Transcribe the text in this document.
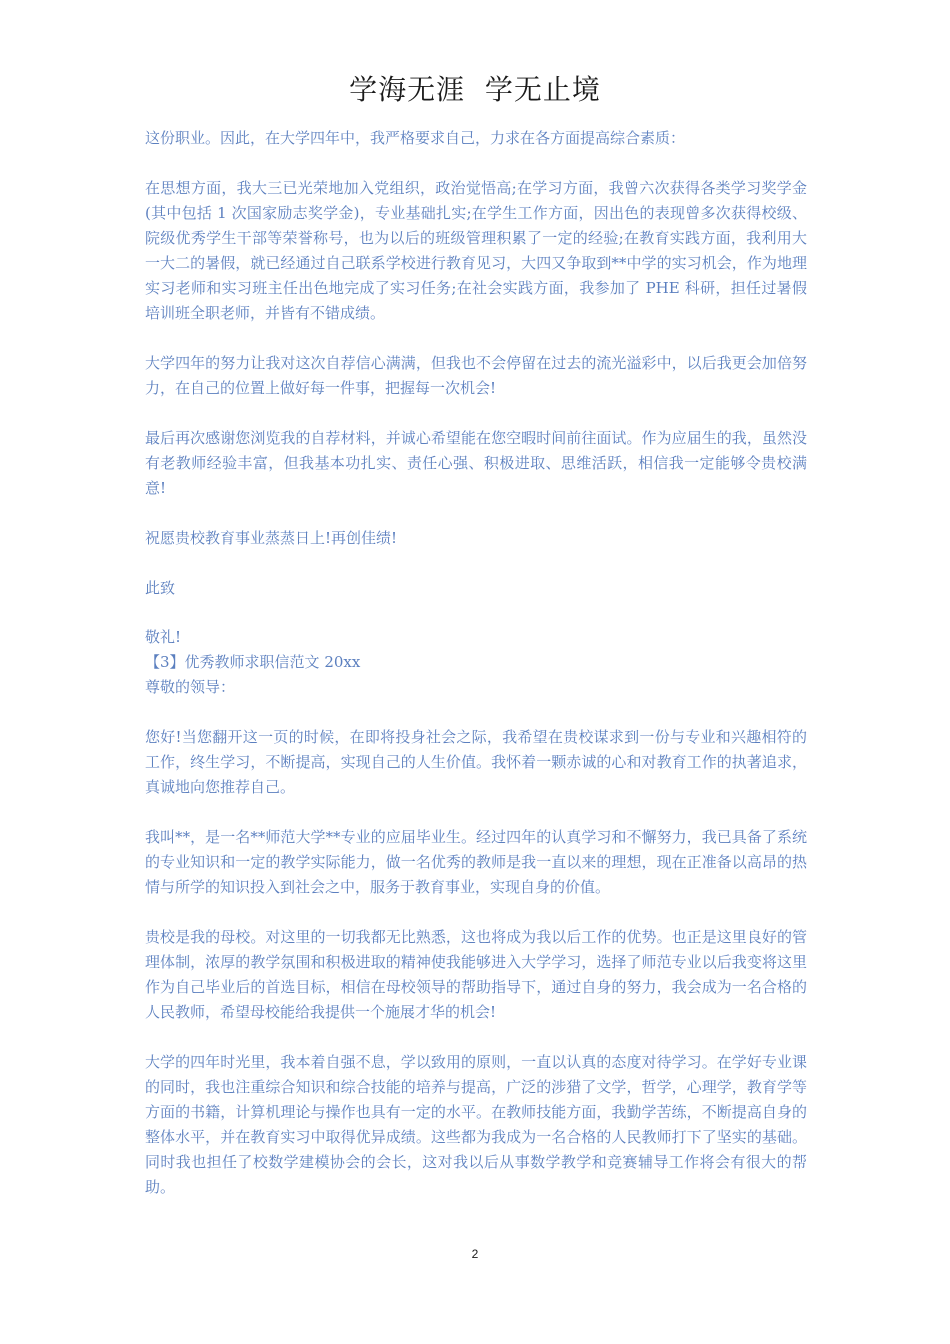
学海无涯  学无止境

这份职业。因此，在大学四年中，我严格要求自己，力求在各方面提高综合素质：

在思想方面，我大三已光荣地加入党组织，政治觉悟高;在学习方面，我曾六次获得各类学习奖学金(其中包括 1 次国家励志奖学金)，专业基础扎实;在学生工作方面，因出色的表现曾多次获得校级、院级优秀学生干部等荣誉称号，也为以后的班级管理积累了一定的经验;在教育实践方面，我利用大一大二的暑假，就已经通过自己联系学校进行教育见习，大四又争取到**中学的实习机会，作为地理实习老师和实习班主任出色地完成了实习任务;在社会实践方面，我参加了 PHE 科研，担任过暑假培训班全职老师，并皆有不错成绩。

大学四年的努力让我对这次自荐信心满满，但我也不会停留在过去的流光溢彩中，以后我更会加倍努力，在自己的位置上做好每一件事，把握每一次机会!

最后再次感谢您浏览我的自荐材料，并诚心希望能在您空暇时间前往面试。作为应届生的我，虽然没有老教师经验丰富，但我基本功扎实、责任心强、积极进取、思维活跃，相信我一定能够令贵校满意!

祝愿贵校教育事业蒸蒸日上!再创佳绩!

此致

敬礼!

【3】优秀教师求职信范文 20xx

尊敬的领导：

您好!当您翻开这一页的时候，在即将投身社会之际，我希望在贵校谋求到一份与专业和兴趣相符的工作，终生学习，不断提高，实现自己的人生价值。我怀着一颗赤诚的心和对教育工作的执著追求，真诚地向您推荐自己。

我叫**，是一名**师范大学**专业的应届毕业生。经过四年的认真学习和不懈努力，我已具备了系统的专业知识和一定的教学实际能力，做一名优秀的教师是我一直以来的理想，现在正准备以高昂的热情与所学的知识投入到社会之中，服务于教育事业，实现自身的价值。

贵校是我的母校。对这里的一切我都无比熟悉，这也将成为我以后工作的优势。也正是这里良好的管理体制，浓厚的教学氛围和积极进取的精神使我能够进入大学学习，选择了师范专业以后我变将这里作为自己毕业后的首选目标，相信在母校领导的帮助指导下，通过自身的努力，我会成为一名合格的人民教师，希望母校能给我提供一个施展才华的机会!

大学的四年时光里，我本着自强不息，学以致用的原则，一直以认真的态度对待学习。在学好专业课的同时，我也注重综合知识和综合技能的培养与提高，广泛的涉猎了文学，哲学，心理学，教育学等方面的书籍，计算机理论与操作也具有一定的水平。在教师技能方面，我勤学苦练，不断提高自身的整体水平，并在教育实习中取得优异成绩。这些都为我成为一名合格的人民教师打下了坚实的基础。同时我也担任了校数学建模协会的会长，这对我以后从事数学教学和竞赛辅导工作将会有很大的帮助。

2
